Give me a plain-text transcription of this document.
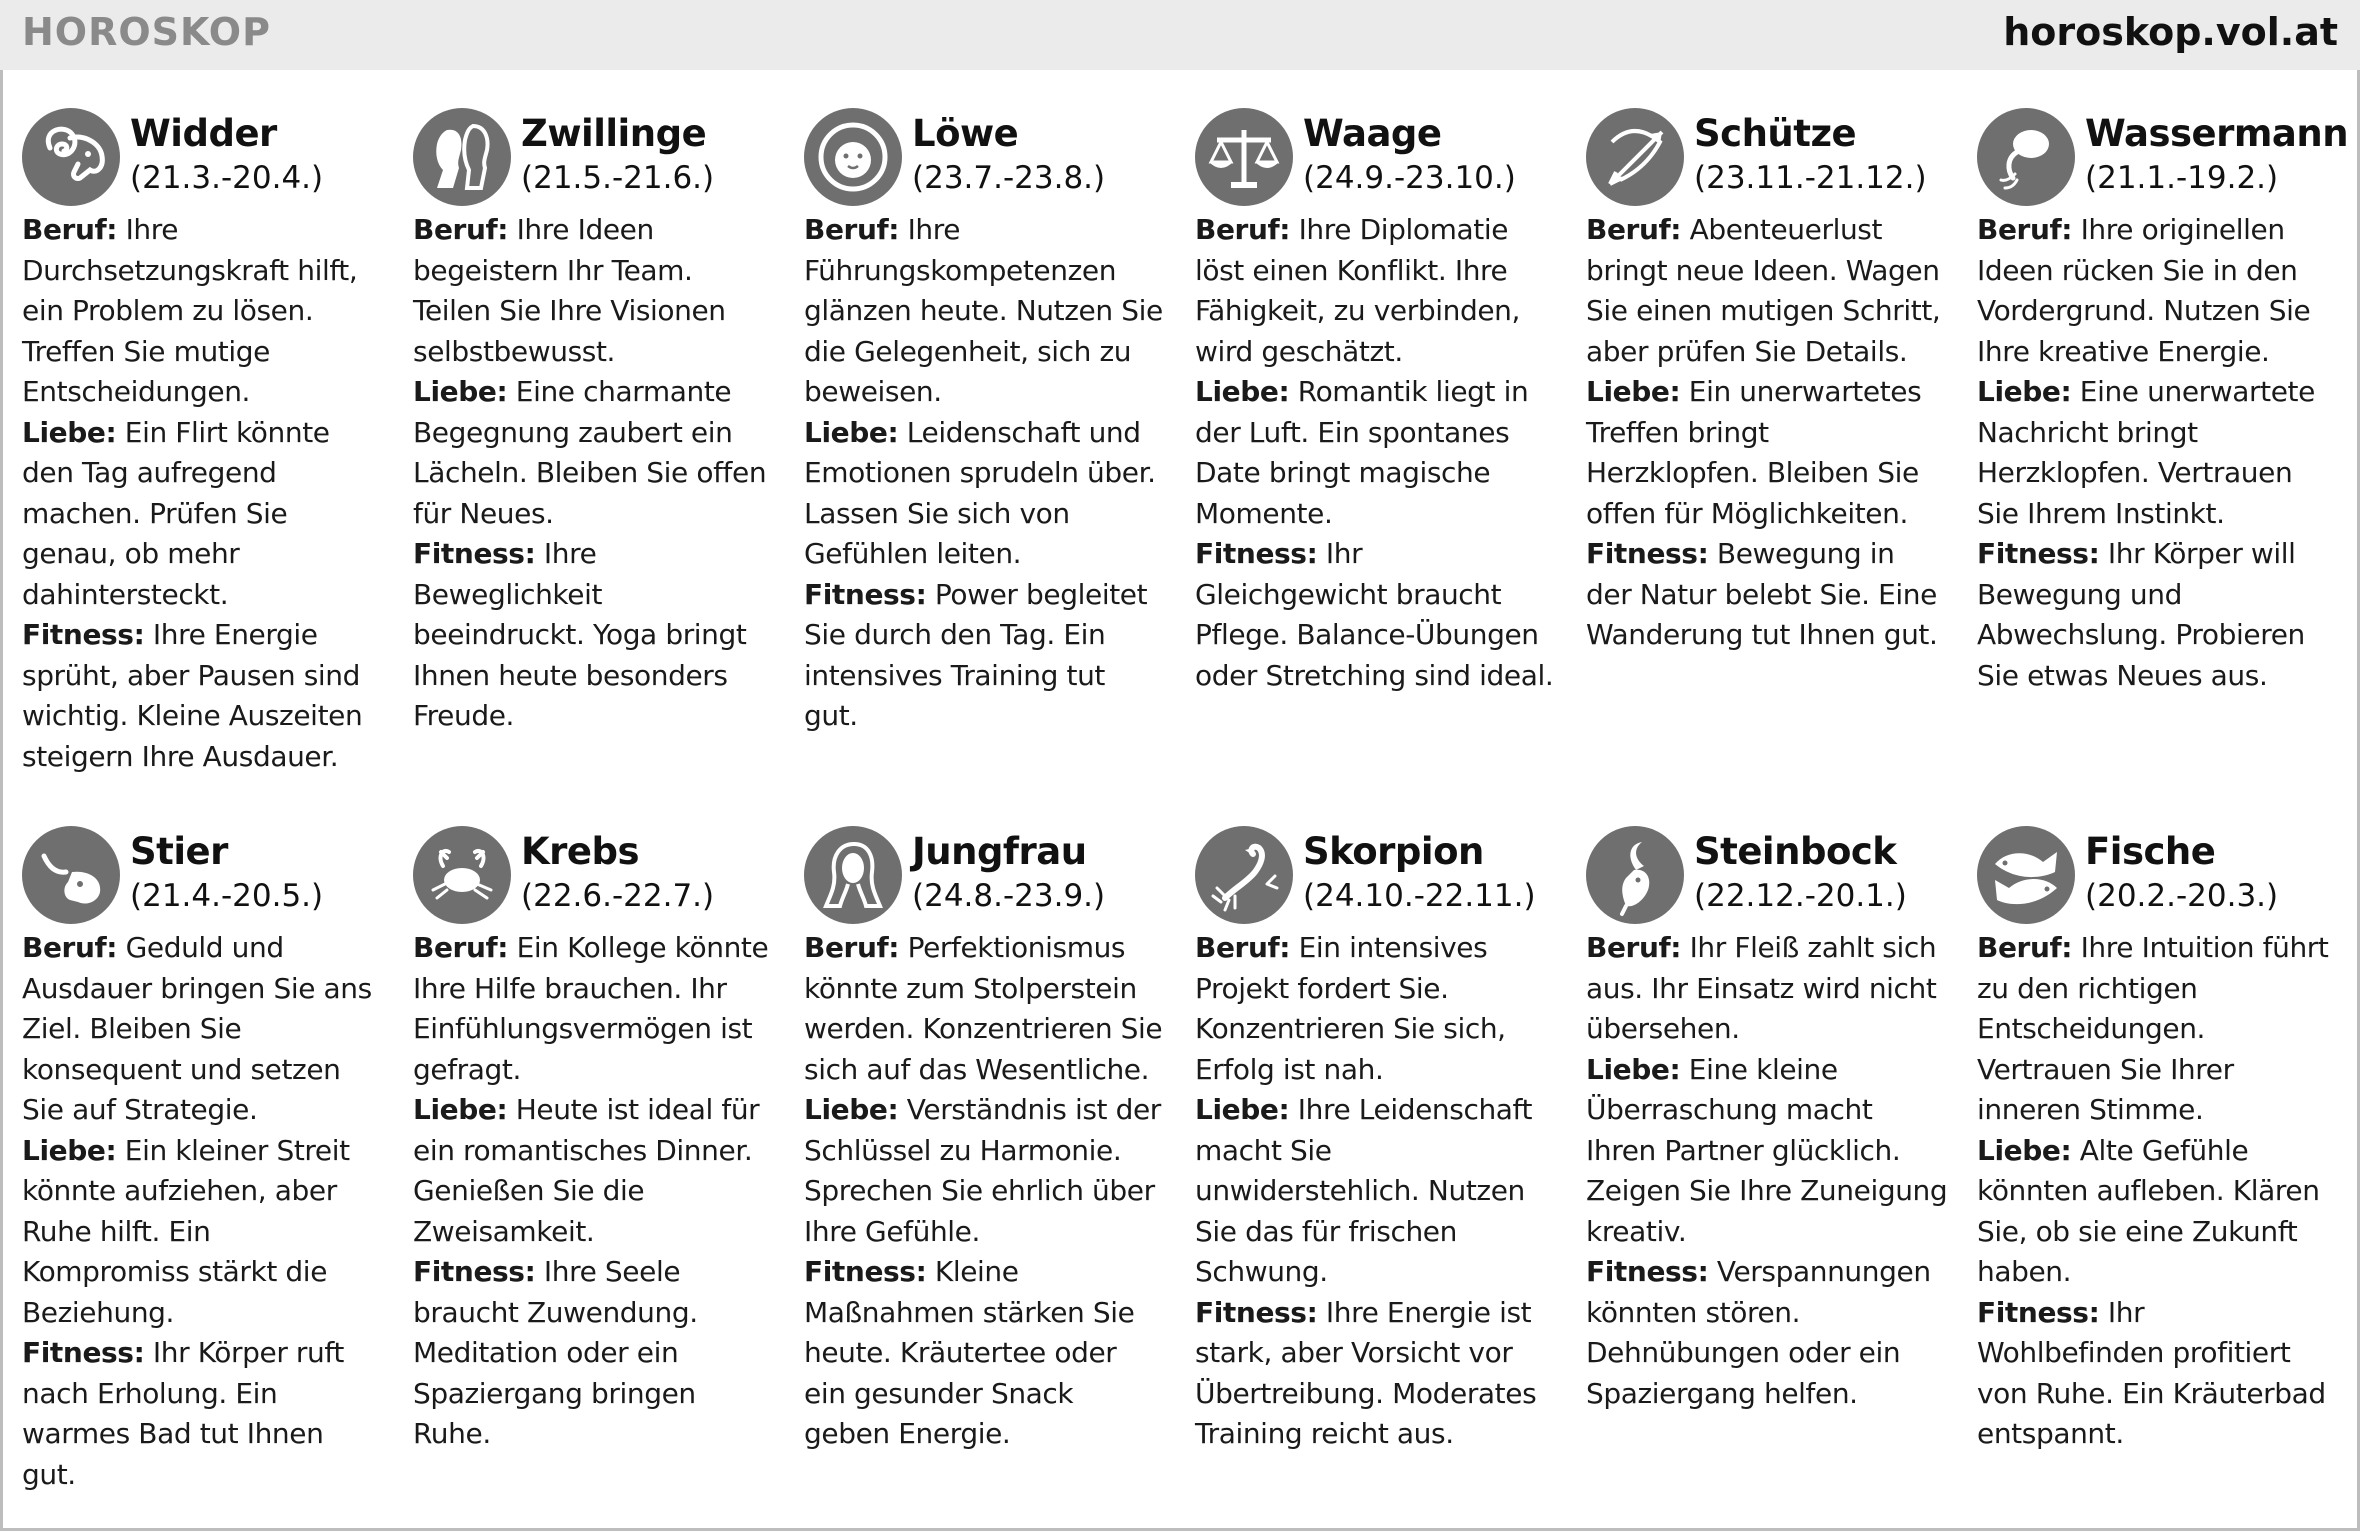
HOROSKOP	horoskop.vol.at
Widder
(21.3.-20.4.)

Beruf: Ihre Durchsetzungskraft hilft, ein Problem zu lösen. Treffen Sie mutige Entscheidungen.

Liebe: Ein Flirt könnte den Tag aufregend machen. Prüfen Sie genau, ob mehr dahintersteckt.

Fitness: Ihre Energie sprüht, aber Pausen sind wichtig. Kleine Auszeiten steigern Ihre Ausdauer.

Zwillinge
(21.5.-21.6.)

Beruf: Ihre Ideen begeistern Ihr Team. Teilen Sie Ihre Visionen selbstbewusst.

Liebe: Eine charmante Begegnung zaubert ein Lächeln. Bleiben Sie offen für Neues.

Fitness: Ihre Beweglichkeit beeindruckt. Yoga bringt Ihnen heute besonders Freude.

Löwe
(23.7.-23.8.)

Beruf: Ihre Führungskompetenzen glänzen heute. Nutzen Sie die Gelegenheit, sich zu beweisen.

Liebe: Leidenschaft und Emotionen sprudeln über. Lassen Sie sich von Gefühlen leiten.

Fitness: Power begleitet Sie durch den Tag. Ein intensives Training tut gut.

Waage
(24.9.-23.10.)

Beruf: Ihre Diplomatie löst einen Konflikt. Ihre Fähigkeit, zu verbinden, wird geschätzt.

Liebe: Romantik liegt in der Luft. Ein spontanes Date bringt magische Momente.

Fitness: Ihr Gleichgewicht braucht Pflege. Balance-Übungen oder Stretching sind ideal.

Schütze
(23.11.-21.12.)

Beruf: Abenteuerlust bringt neue Ideen. Wagen Sie einen mutigen Schritt, aber prüfen Sie Details.

Liebe: Ein unerwartetes Treffen bringt Herzklopfen. Bleiben Sie offen für Möglichkeiten.

Fitness: Bewegung in der Natur belebt Sie. Eine Wanderung tut Ihnen gut.

Wassermann
(21.1.-19.2.)

Beruf: Ihre originellen Ideen rücken Sie in den Vordergrund. Nutzen Sie Ihre kreative Energie.

Liebe: Eine unerwartete Nachricht bringt Herzklopfen. Vertrauen Sie Ihrem Instinkt.

Fitness: Ihr Körper will Bewegung und Abwechslung. Probieren Sie etwas Neues aus.

Stier
(21.4.-20.5.)

Beruf: Geduld und Ausdauer bringen Sie ans Ziel. Bleiben Sie konsequent und setzen Sie auf Strategie.

Liebe: Ein kleiner Streit könnte aufziehen, aber Ruhe hilft. Ein Kompromiss stärkt die Beziehung.

Fitness: Ihr Körper ruft nach Erholung. Ein warmes Bad tut Ihnen gut.

Krebs
(22.6.-22.7.)

Beruf: Ein Kollege könnte Ihre Hilfe brauchen. Ihr Einfühlungsvermögen ist gefragt.

Liebe: Heute ist ideal für ein romantisches Dinner. Genießen Sie die Zweisamkeit.

Fitness: Ihre Seele braucht Zuwendung. Meditation oder ein Spaziergang bringen Ruhe.

Jungfrau
(24.8.-23.9.)

Beruf: Perfektionismus könnte zum Stolperstein werden. Konzentrieren Sie sich auf das Wesentliche.

Liebe: Verständnis ist der Schlüssel zu Harmonie. Sprechen Sie ehrlich über Ihre Gefühle.

Fitness: Kleine Maßnahmen stärken Sie heute. Kräutertee oder ein gesunder Snack geben Energie.

Skorpion
(24.10.-22.11.)

Beruf: Ein intensives Projekt fordert Sie. Konzentrieren Sie sich, Erfolg ist nah.

Liebe: Ihre Leidenschaft macht Sie unwiderstehlich. Nutzen Sie das für frischen Schwung.

Fitness: Ihre Energie ist stark, aber Vorsicht vor Übertreibung. Moderates Training reicht aus.

Steinbock
(22.12.-20.1.)

Beruf: Ihr Fleiß zahlt sich aus. Ihr Einsatz wird nicht übersehen.

Liebe: Eine kleine Überraschung macht Ihren Partner glücklich. Zeigen Sie Ihre Zuneigung kreativ.

Fitness: Verspannungen könnten stören. Dehnübungen oder ein Spaziergang helfen.

Fische
(20.2.-20.3.)

Beruf: Ihre Intuition führt zu den richtigen Entscheidungen. Vertrauen Sie Ihrer inneren Stimme.

Liebe: Alte Gefühle könnten aufleben. Klären Sie, ob sie eine Zukunft haben.

Fitness: Ihr Wohlbefinden profitiert von Ruhe. Ein Kräuterbad entspannt.
